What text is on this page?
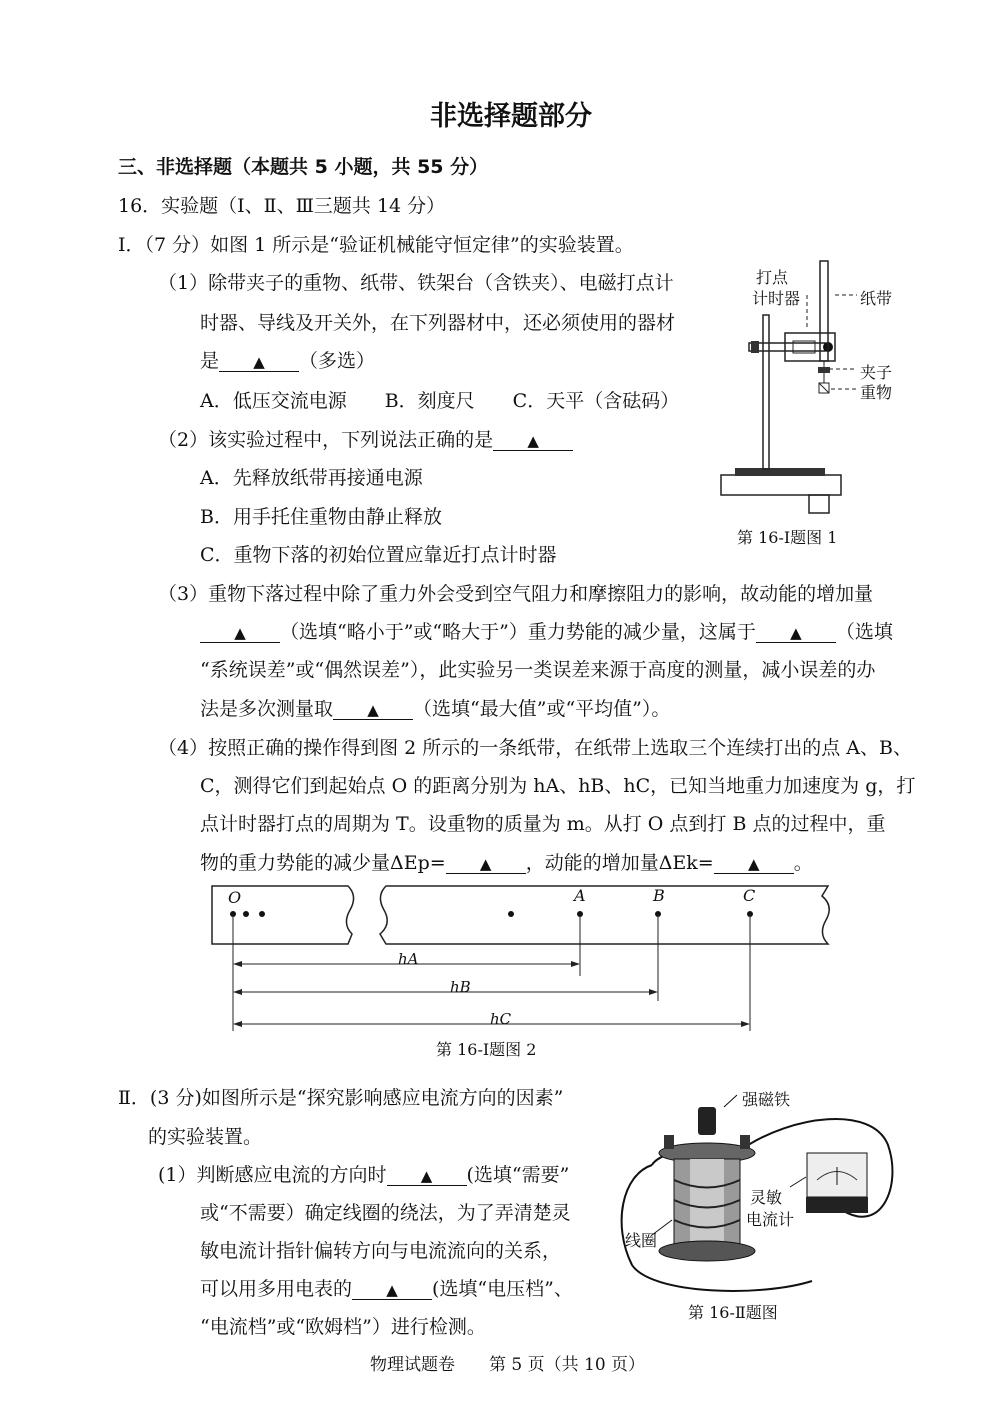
非选择题部分
三、非选择题（本题共 5 小题，共 55 分）
16．实验题（Ⅰ、Ⅱ、Ⅲ三题共 14 分）
Ⅰ．（7 分）如图 1 所示是“验证机械能守恒定律”的实验装置。
（1）除带夹子的重物、纸带、铁架台（含铁夹）、电磁打点计
时器、导线及开关外，在下列器材中，还必须使用的器材
是 ▲ （多选）
A．低压交流电源　　B．刻度尺　　C．天平（含砝码）
（2）该实验过程中，下列说法正确的是 ▲
A．先释放纸带再接通电源
B．用手托住重物由静止释放
C．重物下落的初始位置应靠近打点计时器
（3）重物下落过程中除了重力外会受到空气阻力和摩擦阻力的影响，故动能的增加量
▲ （选填“略小于”或“略大于”）重力势能的减少量，这属于 ▲ （选填
“系统误差”或“偶然误差”），此实验另一类误差来源于高度的测量，减小误差的办
法是多次测量取 ▲ （选填“最大值”或“平均值”）。
（4）按照正确的操作得到图 2 所示的一条纸带，在纸带上选取三个连续打出的点 A、B、
C，测得它们到起始点 O 的距离分别为 hA、hB、hC，已知当地重力加速度为 g，打
点计时器打点的周期为 T。设重物的质量为 m。从打 O 点到打 B 点的过程中，重
物的重力势能的减少量ΔEp= ▲ ，动能的增加量ΔEk= ▲ 。
打点
计时器	纸带
夹子
重物
第 16-Ⅰ题图 1
O	A	B	C
hA
hB
hC
第 16-Ⅰ题图 2
Ⅱ．(3 分)如图所示是“探究影响感应电流方向的因素”
的实验装置。
(1）判断感应电流的方向时 ▲ (选填“需要”
或“不需要）确定线圈的绕法，为了弄清楚灵
敏电流计指针偏转方向与电流流向的关系，
可以用多用电表的 ▲ (选填“电压档”、
“电流档”或“欧姆档”）进行检测。
强磁铁
灵敏
电流计
线圈
第 16-Ⅱ题图
物理试题卷　　第 5 页（共 10 页）
